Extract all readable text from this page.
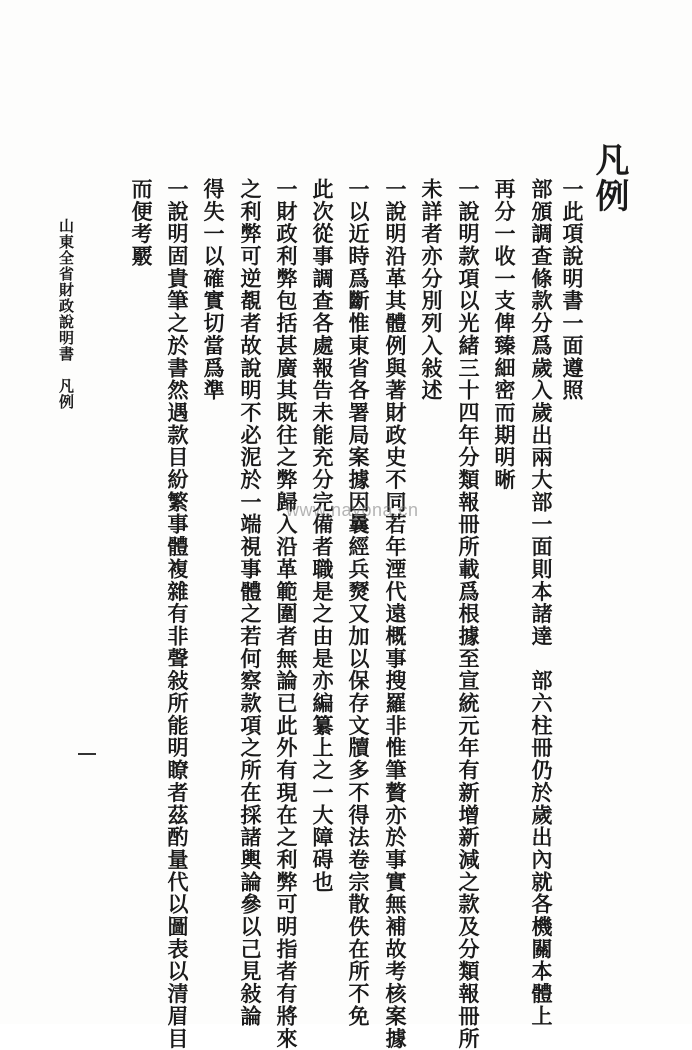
凡例
一此項說明書一面遵照
部頒調查條款分爲歲入歲出兩大部一面則本諸達　部六柱冊仍於歲出內就各機關本體上
再分一收一支俾臻細密而期明晰
一說明款項以光緒三十四年分類報冊所載爲根據至宣統元年有新增新減之款及分類報冊所
未詳者亦分別列入敍述
一說明沿革其體例與著財政史不同若年湮代遠概事搜羅非惟筆贅亦於事實無補故考核案據
一以近時爲斷惟東省各署局案據因曩經兵燹又加以保存文牘多不得法卷宗散佚在所不免
此次從事調查各處報告未能充分完備者職是之由是亦編纂上之一大障碍也
一財政利弊包括甚廣其既往之弊歸入沿革範圍者無論已此外有現在之利弊可明指者有將來
之利弊可逆覩者故說明不必泥於一端視事體之若何察款項之所在採諸輿論參以己見敍論
得失一以確實切當爲準
一說明固貴筆之於書然遇款目紛繁事體複雜有非聲敍所能明瞭者茲酌量代以圖表以清眉目
而便考覈
山東全省財政說明書　凡例
www.nayona.cn
